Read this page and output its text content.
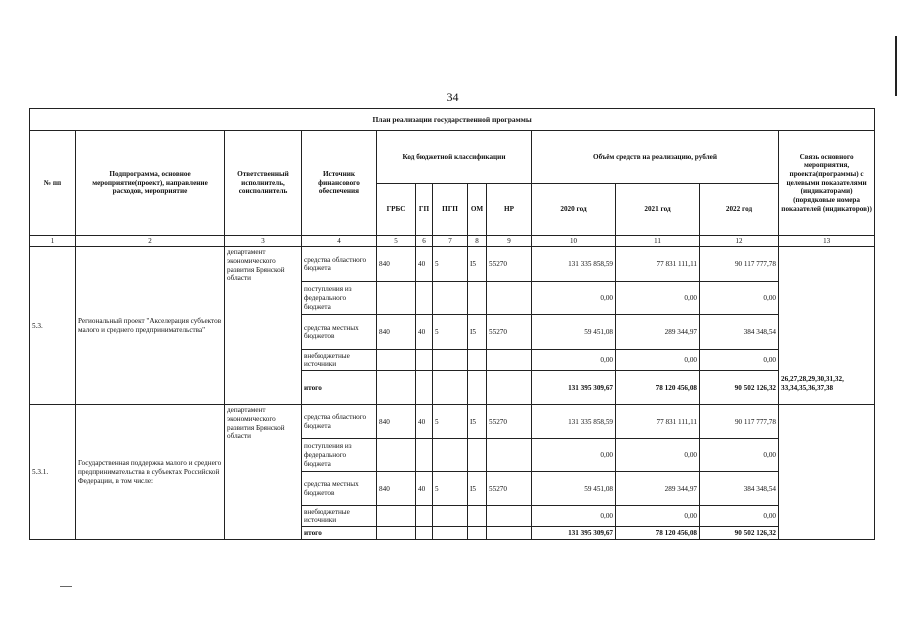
34
План реализации государственной программы												
№ пп	Подпрограмма, основное мероприятие(проект), направление расходов, мероприятие	Ответственный исполнитель, соисполнитель	Источник финансового обеспечения	Код бюджетной классификации					Объём средств на реализацию, рублей			Связь основного мероприятия, проекта(программы) с целевыми показателями (индикаторами) (порядковые номера показателей (индикаторов))
				ГРБС	ГП	ПГП	ОМ	НР	2020 год	2021 год	2022 год	
1	2	3	4	5	6	7	8	9	10	11	12	13
5.3.	Региональный проект "Акселерация субъектов малого и среднего предпринимательства"	департамент экономического развития Брянской области	средства областного бюджета	840	40	5	I5	55270	131 335 858,59	77 831 111,11	90 117 777,78	26,27,28,29,30,31,32, 33,34,35,36,37,38
			поступления из федерального бюджета						0,00	0,00	0,00	
			средства местных бюджетов	840	40	5	I5	55270	59 451,08	289 344,97	384 348,54	
			внебюджетные источники						0,00	0,00	0,00	
			итого						131 395 309,67	78 120 456,08	90 502 126,32	
5.3.1.	Государственная поддержка малого и среднего предпринимательства в субъектах Российской Федерации, в том числе:	департамент экономического развития Брянской области	средства областного бюджета	840	40	5	I5	55270	131 335 858,59	77 831 111,11	90 117 777,78	
			поступления из федерального бюджета						0,00	0,00	0,00	
			средства местных бюджетов	840	40	5	I5	55270	59 451,08	289 344,97	384 348,54	
			внебюджетные источники						0,00	0,00	0,00	
			итого						131 395 309,67	78 120 456,08	90 502 126,32	
